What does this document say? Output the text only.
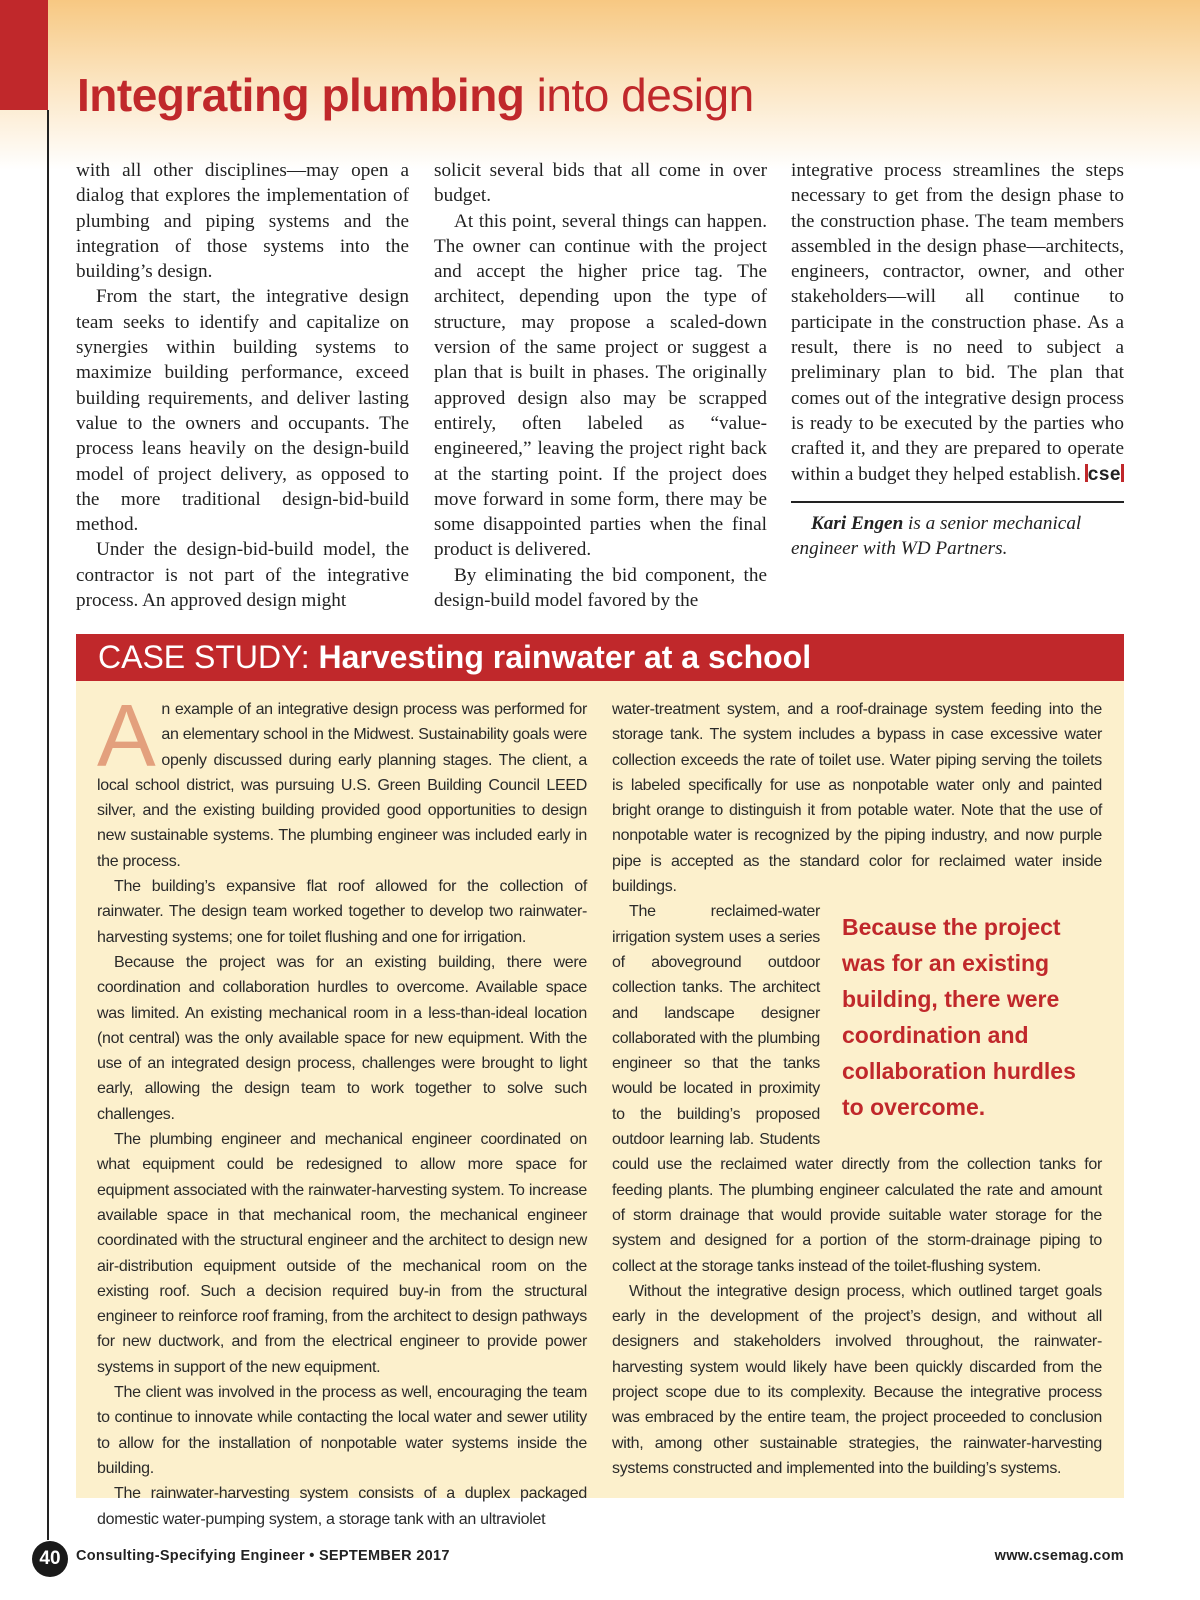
Integrating plumbing into design

with all other disciplines—may open a dialog that explores the implementation of plumbing and piping systems and the integration of those systems into the building’s design.

From the start, the integrative design team seeks to identify and capitalize on synergies within building systems to maximize building performance, exceed building requirements, and deliver lasting value to the owners and occupants. The process leans heavily on the design-build model of project delivery, as opposed to the more traditional design-bid-build method.

Under the design-bid-build model, the contractor is not part of the integrative process. An approved design might

solicit several bids that all come in over budget.

At this point, several things can happen. The owner can continue with the project and accept the higher price tag. The architect, depending upon the type of structure, may propose a scaled-down version of the same project or suggest a plan that is built in phases. The originally approved design also may be scrapped entirely, often labeled as “value-engineered,” leaving the project right back at the starting point. If the project does move forward in some form, there may be some disappointed parties when the final product is delivered.

By eliminating the bid component, the design-build model favored by the

integrative process streamlines the steps necessary to get from the design phase to the construction phase. The team members assembled in the design phase—architects, engineers, contractor, owner, and other stakeholders—will all continue to participate in the construction phase. As a result, there is no need to subject a preliminary plan to bid. The plan that comes out of the integrative design process is ready to be executed by the parties who crafted it, and they are prepared to operate within a budget they helped establish. cse

Kari Engen is a senior mechanical engineer with WD Partners.

CASE STUDY: Harvesting rainwater at a school

An example of an integrative design process was performed for an elementary school in the Midwest. Sustainability goals were openly discussed during early planning stages. The client, a local school district, was pursuing U.S. Green Building Council LEED silver, and the existing building provided good opportunities to design new sustainable systems. The plumbing engineer was included early in the process.

The building’s expansive flat roof allowed for the collection of rainwater. The design team worked together to develop two rainwater-harvesting systems; one for toilet flushing and one for irrigation.

Because the project was for an existing building, there were coordination and collaboration hurdles to overcome. Available space was limited. An existing mechanical room in a less-than-ideal location (not central) was the only available space for new equipment. With the use of an integrated design process, challenges were brought to light early, allowing the design team to work together to solve such challenges.

The plumbing engineer and mechanical engineer coordinated on what equipment could be redesigned to allow more space for equipment associated with the rainwater-harvesting system. To increase available space in that mechanical room, the mechanical engineer coordinated with the structural engineer and the architect to design new air-distribution equipment outside of the mechanical room on the existing roof. Such a decision required buy-in from the structural engineer to reinforce roof framing, from the architect to design pathways for new ductwork, and from the electrical engineer to provide power systems in support of the new equipment.

The client was involved in the process as well, encouraging the team to continue to innovate while contacting the local water and sewer utility to allow for the installation of nonpotable water systems inside the building.

The rainwater-harvesting system consists of a duplex packaged domestic water-pumping system, a storage tank with an ultraviolet

water-treatment system, and a roof-drainage system feeding into the storage tank. The system includes a bypass in case excessive water collection exceeds the rate of toilet use. Water piping serving the toilets is labeled specifically for use as nonpotable water only and painted bright orange to distinguish it from potable water. Note that the use of nonpotable water is recognized by the piping industry, and now purple pipe is accepted as the standard color for reclaimed water inside buildings.

Because the project was for an existing building, there were coordination and collaboration hurdles to overcome.
The reclaimed-water irrigation system uses a series of aboveground outdoor collection tanks. The architect and landscape designer collaborated with the plumbing engineer so that the tanks would be located in proximity to the building’s proposed outdoor learning lab. Students could use the reclaimed water directly from the collection tanks for feeding plants. The plumbing engineer calculated the rate and amount of storm drainage that would provide suitable water storage for the system and designed for a portion of the storm-drainage piping to collect at the storage tanks instead of the toilet-flushing system.

Without the integrative design process, which outlined target goals early in the development of the project’s design, and without all designers and stakeholders involved throughout, the rainwater-harvesting system would likely have been quickly discarded from the project scope due to its complexity. Because the integrative process was embraced by the entire team, the project proceeded to conclusion with, among other sustainable strategies, the rainwater-harvesting systems constructed and implemented into the building’s systems.

40	Consulting-Specifying Engineer • SEPTEMBER 2017	www.csemag.com
